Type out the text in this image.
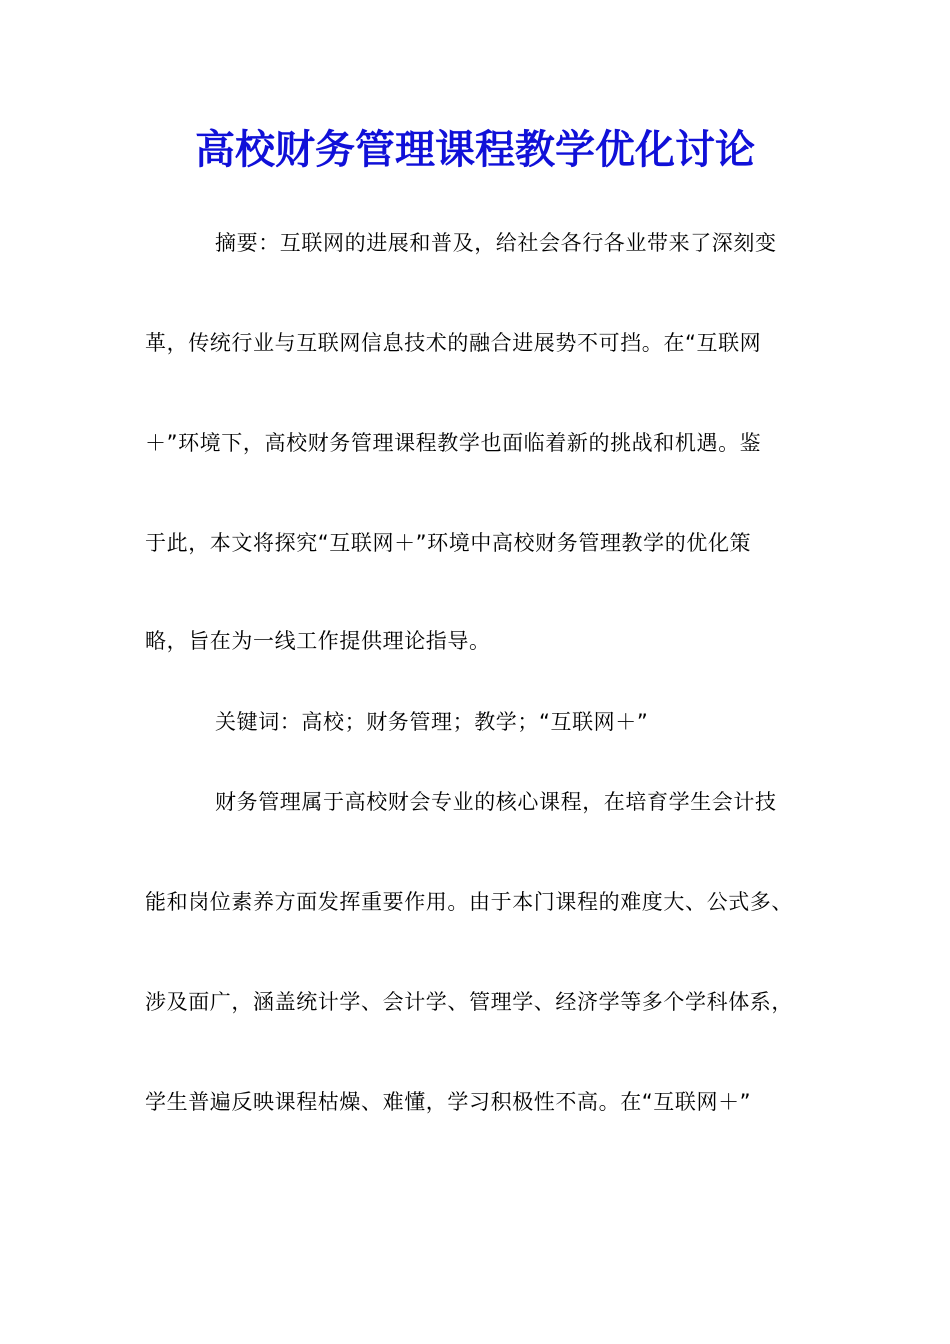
高校财务管理课程教学优化讨论
摘要：互联网的进展和普及，给社会各行各业带来了深刻变
革，传统行业与互联网信息技术的融合进展势不可挡。在“互联网
＋”环境下，高校财务管理课程教学也面临着新的挑战和机遇。鉴
于此，本文将探究“互联网＋”环境中高校财务管理教学的优化策
略，旨在为一线工作提供理论指导。
关键词：高校；财务管理；教学；“互联网＋”
财务管理属于高校财会专业的核心课程，在培育学生会计技
能和岗位素养方面发挥重要作用。由于本门课程的难度大、公式多、
涉及面广，涵盖统计学、会计学、管理学、经济学等多个学科体系，
学生普遍反映课程枯燥、难懂，学习积极性不高。在“互联网＋”
